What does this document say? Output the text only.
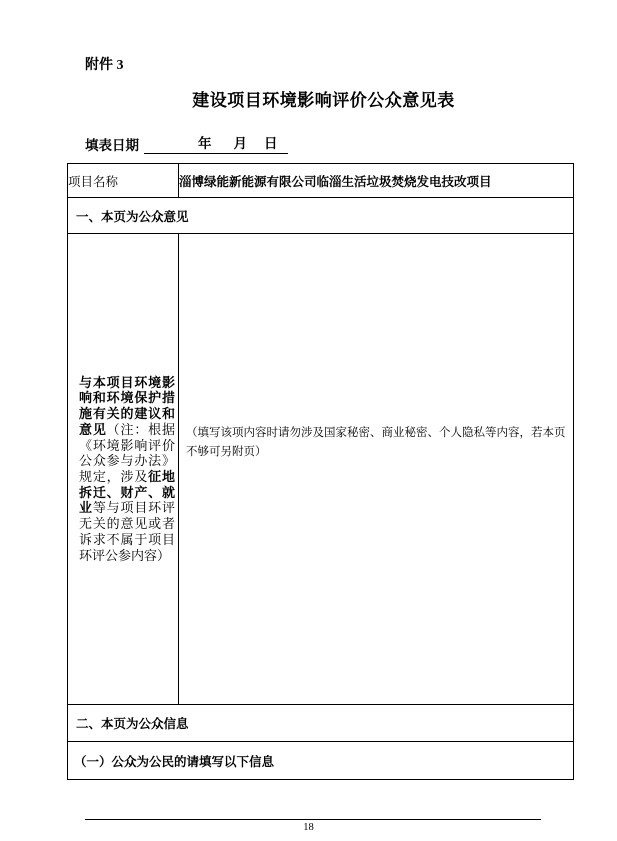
附件 3
建设项目环境影响评价公众意见表
填表日期	年 月 日
项目名称	淄博绿能新能源有限公司临淄生活垃圾焚烧发电技改项目
一、本页为公众意见	

与本项目环境影响和环境保护措施有关的建议和意见（注：根据《环境影响评价公众参与办法》规定，涉及征地拆迁、财产、就业等与项目环评无关的意见或者诉求不属于项目环评公参内容）	（填写该项内容时请勿涉及国家秘密、商业秘密、个人隐私等内容，若本页不够可另附页）

二、本页为公众信息	
（一）公众为公民的请填写以下信息	
18
